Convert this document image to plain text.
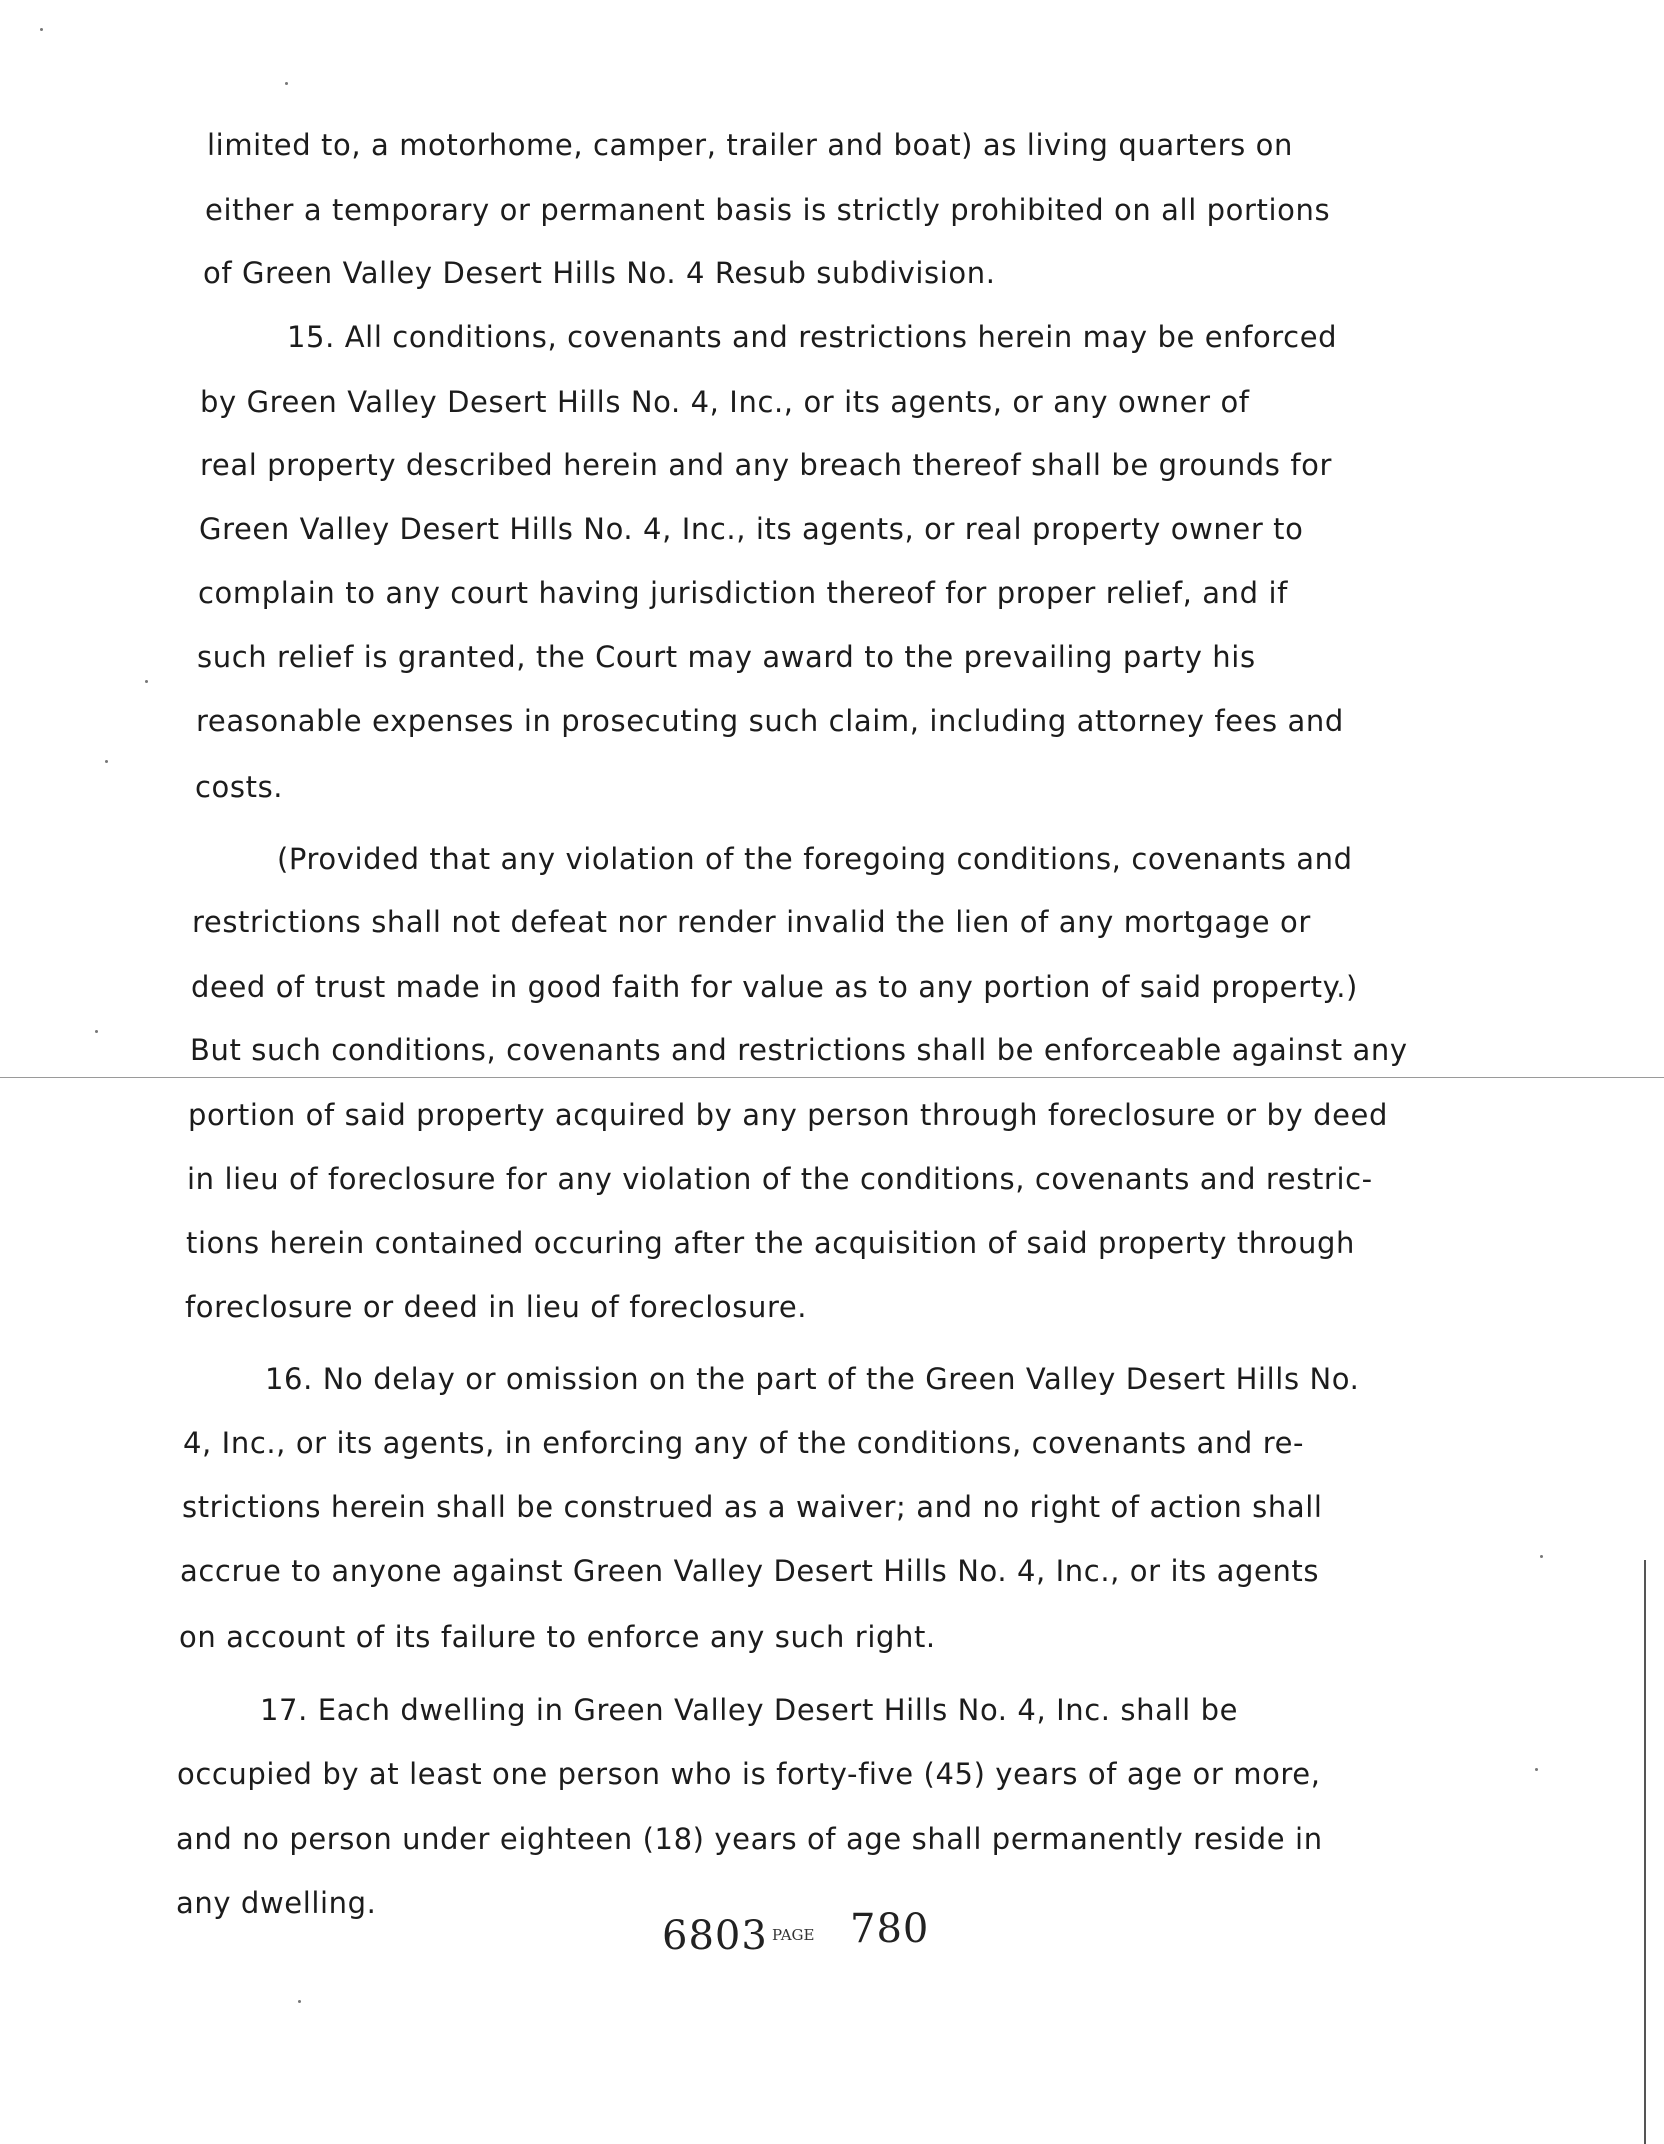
limited to, a motorhome, camper, trailer and boat) as living quarters on
either a temporary or permanent basis is strictly prohibited on all portions
of Green Valley Desert Hills No. 4 Resub subdivision.
15. All conditions, covenants and restrictions herein may be enforced
by Green Valley Desert Hills No. 4, Inc., or its agents, or any owner of
real property described herein and any breach thereof shall be grounds for
Green Valley Desert Hills No. 4, Inc., its agents, or real property owner to
complain to any court having jurisdiction thereof for proper relief, and if
such relief is granted, the Court may award to the prevailing party his
reasonable expenses in prosecuting such claim, including attorney fees and
costs.
(Provided that any violation of the foregoing conditions, covenants and
restrictions shall not defeat nor render invalid the lien of any mortgage or
deed of trust made in good faith for value as to any portion of said property.)
But such conditions, covenants and restrictions shall be enforceable against any
portion of said property acquired by any person through foreclosure or by deed
in lieu of foreclosure for any violation of the conditions, covenants and restric-
tions herein contained occuring after the acquisition of said property through
foreclosure or deed in lieu of foreclosure.
16. No delay or omission on the part of the Green Valley Desert Hills No.
4, Inc., or its agents, in enforcing any of the conditions, covenants and re-
strictions herein shall be construed as a waiver; and no right of action shall
accrue to anyone against Green Valley Desert Hills No. 4, Inc., or its agents
on account of its failure to enforce any such right.
17. Each dwelling in Green Valley Desert Hills No. 4, Inc. shall be
occupied by at least one person who is forty-five (45) years of age or more,
and no person under eighteen (18) years of age shall permanently reside in
any dwelling.
6803 PAGE 780
